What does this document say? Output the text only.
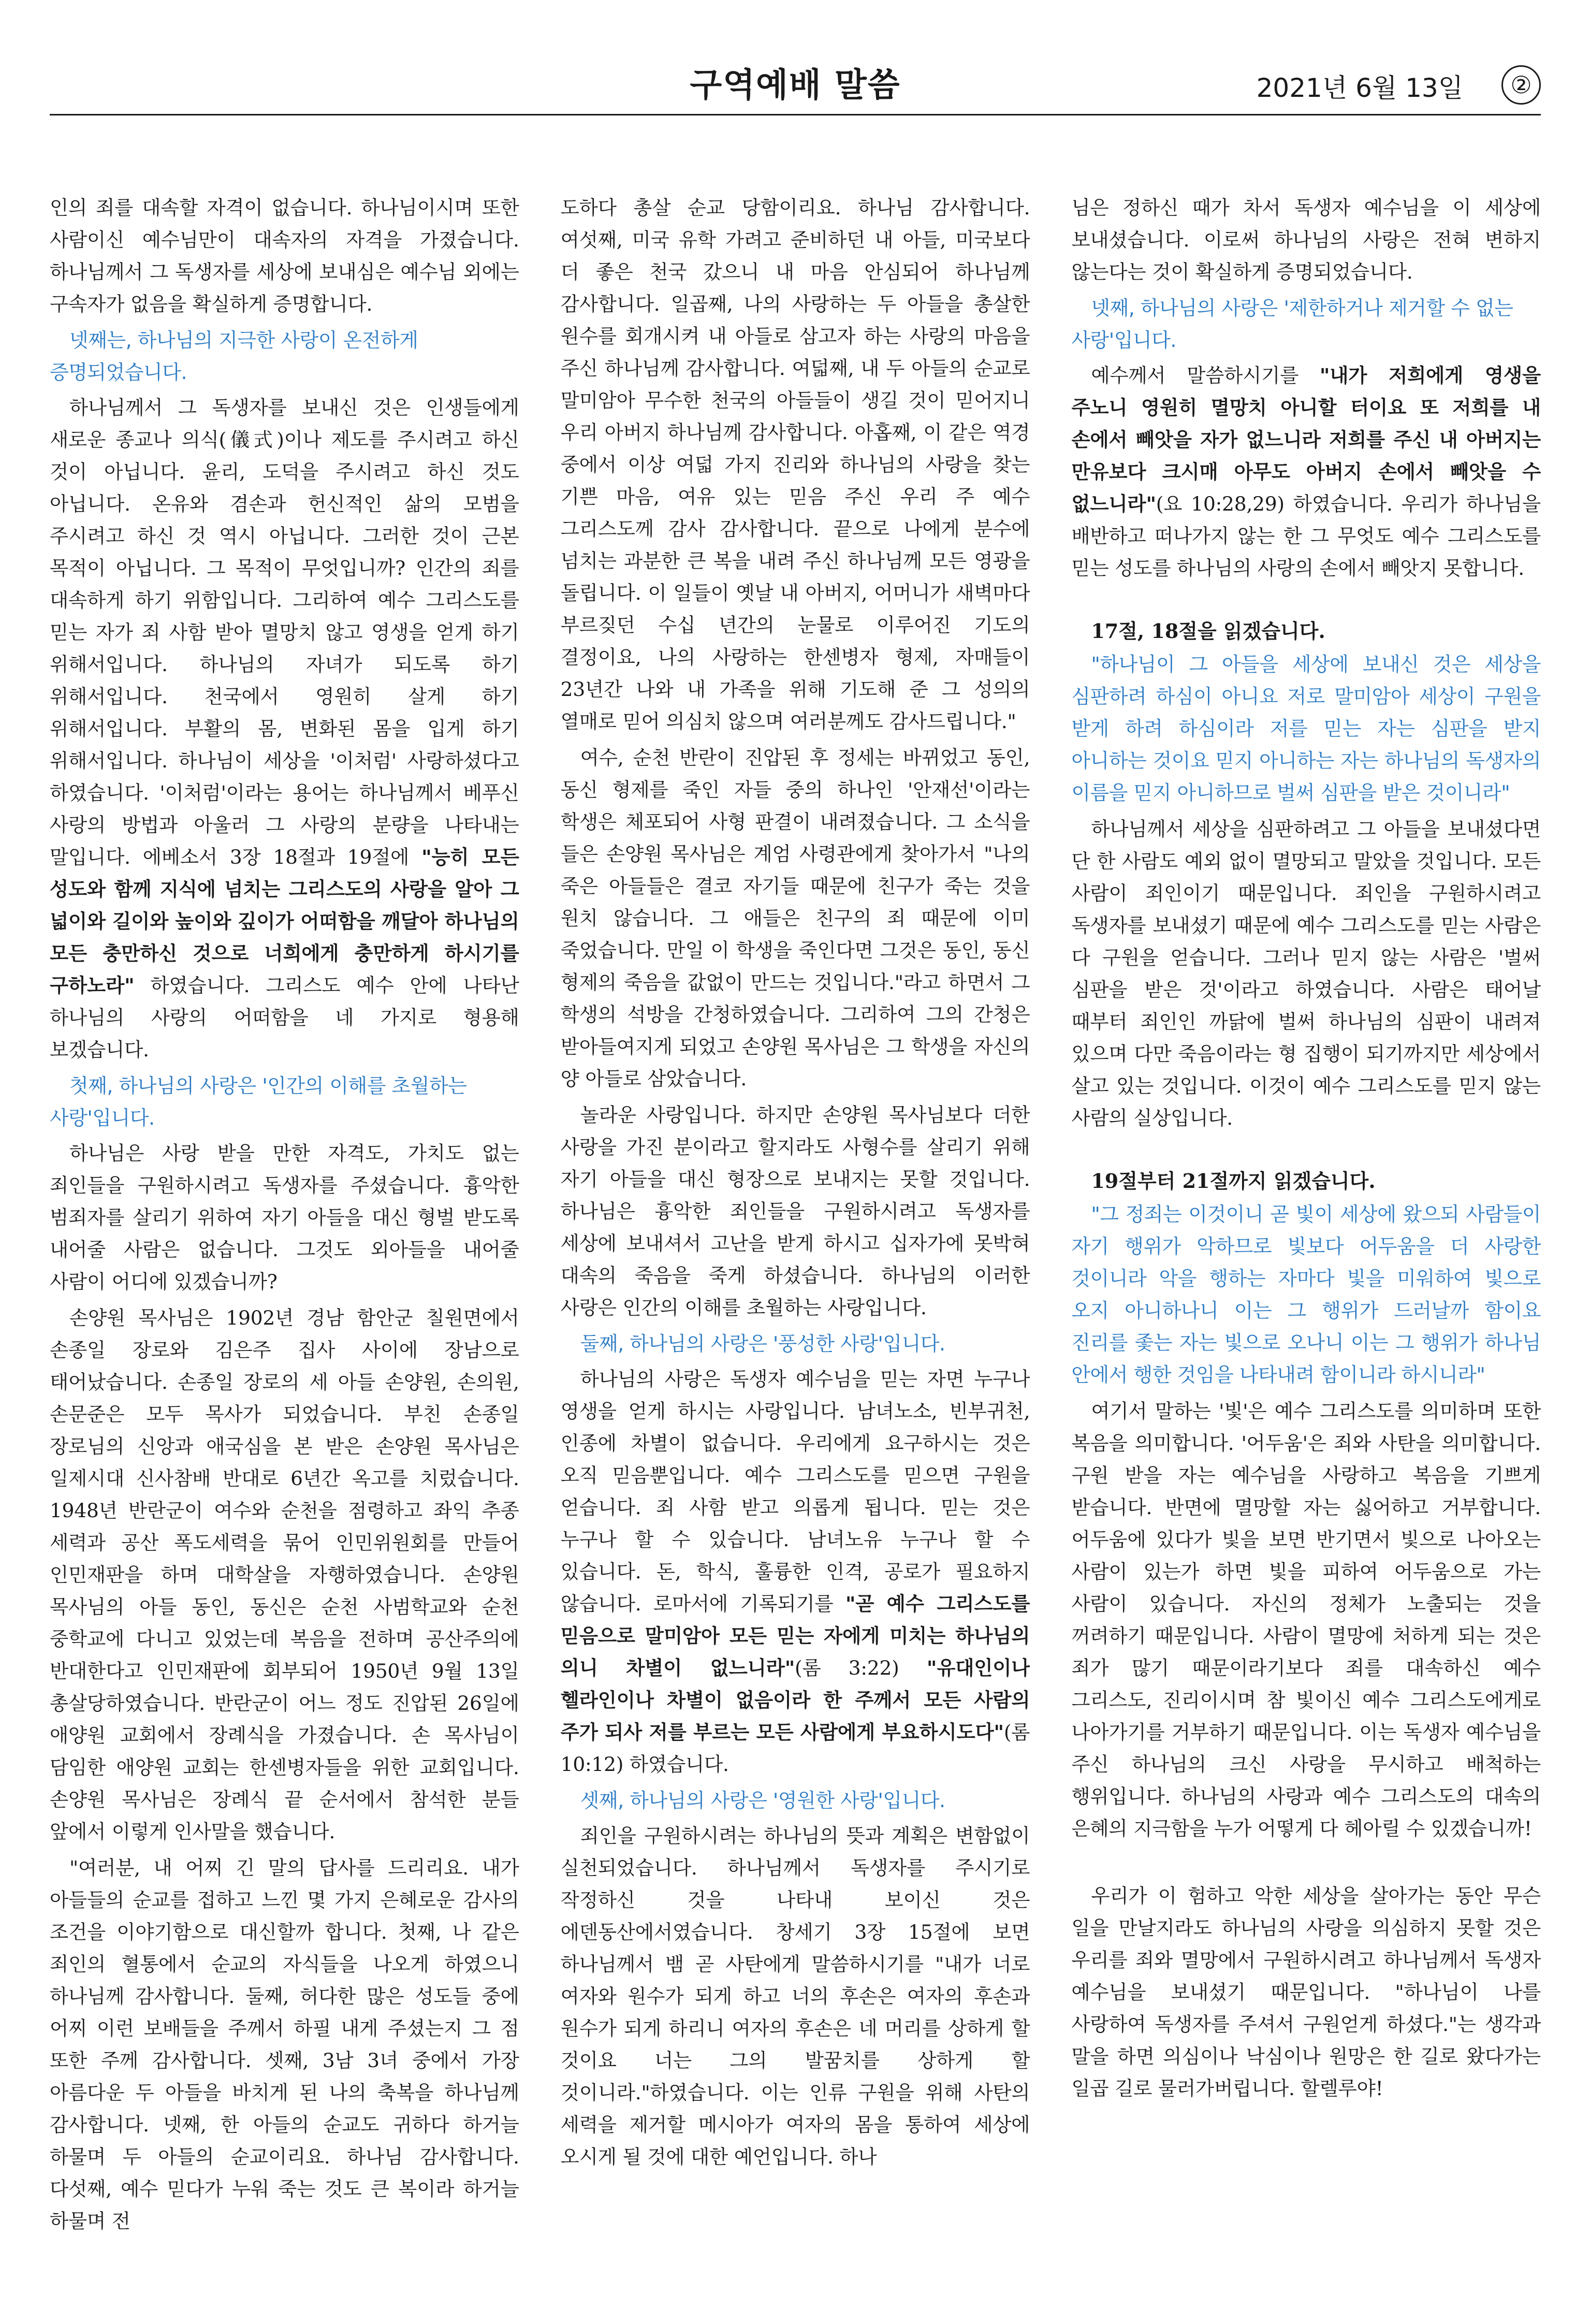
구역예배 말씀	2021년 6월 13일	②

인의 죄를 대속할 자격이 없습니다. 하나님이시며 또한 사람이신 예수님만이 대속자의 자격을 가졌습니다. 하나님께서 그 독생자를 세상에 보내심은 예수님 외에는 구속자가 없음을 확실하게 증명합니다.

넷째는, 하나님의 지극한 사랑이 온전하게 증명되었습니다.

하나님께서 그 독생자를 보내신 것은 인생들에게 새로운 종교나 의식(儀式)이나 제도를 주시려고 하신 것이 아닙니다. 윤리, 도덕을 주시려고 하신 것도 아닙니다. 온유와 겸손과 헌신적인 삶의 모범을 주시려고 하신 것 역시 아닙니다. 그러한 것이 근본 목적이 아닙니다. 그 목적이 무엇입니까? 인간의 죄를 대속하게 하기 위함입니다. 그리하여 예수 그리스도를 믿는 자가 죄 사함 받아 멸망치 않고 영생을 얻게 하기 위해서입니다. 하나님의 자녀가 되도록 하기 위해서입니다. 천국에서 영원히 살게 하기 위해서입니다. 부활의 몸, 변화된 몸을 입게 하기 위해서입니다. 하나님이 세상을 '이처럼' 사랑하셨다고 하였습니다. '이처럼'이라는 용어는 하나님께서 베푸신 사랑의 방법과 아울러 그 사랑의 분량을 나타내는 말입니다. 에베소서 3장 18절과 19절에 "능히 모든 성도와 함께 지식에 넘치는 그리스도의 사랑을 알아 그 넓이와 길이와 높이와 깊이가 어떠함을 깨달아 하나님의 모든 충만하신 것으로 너희에게 충만하게 하시기를 구하노라" 하였습니다. 그리스도 예수 안에 나타난 하나님의 사랑의 어떠함을 네 가지로 형용해 보겠습니다.

첫째, 하나님의 사랑은 '인간의 이해를 초월하는 사랑'입니다.

하나님은 사랑 받을 만한 자격도, 가치도 없는 죄인들을 구원하시려고 독생자를 주셨습니다. 흉악한 범죄자를 살리기 위하여 자기 아들을 대신 형벌 받도록 내어줄 사람은 없습니다. 그것도 외아들을 내어줄 사람이 어디에 있겠습니까?

손양원 목사님은 1902년 경남 함안군 칠원면에서 손종일 장로와 김은주 집사 사이에 장남으로 태어났습니다. 손종일 장로의 세 아들 손양원, 손의원, 손문준은 모두 목사가 되었습니다. 부친 손종일 장로님의 신앙과 애국심을 본 받은 손양원 목사님은 일제시대 신사참배 반대로 6년간 옥고를 치렀습니다. 1948년 반란군이 여수와 순천을 점령하고 좌익 추종 세력과 공산 폭도세력을 묶어 인민위원회를 만들어 인민재판을 하며 대학살을 자행하였습니다. 손양원 목사님의 아들 동인, 동신은 순천 사범학교와 순천 중학교에 다니고 있었는데 복음을 전하며 공산주의에 반대한다고 인민재판에 회부되어 1950년 9월 13일 총살당하였습니다. 반란군이 어느 정도 진압된 26일에 애양원 교회에서 장례식을 가졌습니다. 손 목사님이 담임한 애양원 교회는 한센병자들을 위한 교회입니다. 손양원 목사님은 장례식 끝 순서에서 참석한 분들 앞에서 이렇게 인사말을 했습니다.

"여러분, 내 어찌 긴 말의 답사를 드리리요. 내가 아들들의 순교를 접하고 느낀 몇 가지 은혜로운 감사의 조건을 이야기함으로 대신할까 합니다. 첫째, 나 같은 죄인의 혈통에서 순교의 자식들을 나오게 하였으니 하나님께 감사합니다. 둘째, 허다한 많은 성도들 중에 어찌 이런 보배들을 주께서 하필 내게 주셨는지 그 점 또한 주께 감사합니다. 셋째, 3남 3녀 중에서 가장 아름다운 두 아들을 바치게 된 나의 축복을 하나님께 감사합니다. 넷째, 한 아들의 순교도 귀하다 하거늘 하물며 두 아들의 순교이리요. 하나님 감사합니다. 다섯째, 예수 믿다가 누워 죽는 것도 큰 복이라 하거늘 하물며 전

도하다 총살 순교 당함이리요. 하나님 감사합니다. 여섯째, 미국 유학 가려고 준비하던 내 아들, 미국보다 더 좋은 천국 갔으니 내 마음 안심되어 하나님께 감사합니다. 일곱째, 나의 사랑하는 두 아들을 총살한 원수를 회개시켜 내 아들로 삼고자 하는 사랑의 마음을 주신 하나님께 감사합니다. 여덟째, 내 두 아들의 순교로 말미암아 무수한 천국의 아들들이 생길 것이 믿어지니 우리 아버지 하나님께 감사합니다. 아홉째, 이 같은 역경 중에서 이상 여덟 가지 진리와 하나님의 사랑을 찾는 기쁜 마음, 여유 있는 믿음 주신 우리 주 예수 그리스도께 감사 감사합니다. 끝으로 나에게 분수에 넘치는 과분한 큰 복을 내려 주신 하나님께 모든 영광을 돌립니다. 이 일들이 옛날 내 아버지, 어머니가 새벽마다 부르짖던 수십 년간의 눈물로 이루어진 기도의 결정이요, 나의 사랑하는 한센병자 형제, 자매들이 23년간 나와 내 가족을 위해 기도해 준 그 성의의 열매로 믿어 의심치 않으며 여러분께도 감사드립니다."

여수, 순천 반란이 진압된 후 정세는 바뀌었고 동인, 동신 형제를 죽인 자들 중의 하나인 '안재선'이라는 학생은 체포되어 사형 판결이 내려졌습니다. 그 소식을 들은 손양원 목사님은 계엄 사령관에게 찾아가서 "나의 죽은 아들들은 결코 자기들 때문에 친구가 죽는 것을 원치 않습니다. 그 애들은 친구의 죄 때문에 이미 죽었습니다. 만일 이 학생을 죽인다면 그것은 동인, 동신 형제의 죽음을 값없이 만드는 것입니다."라고 하면서 그 학생의 석방을 간청하였습니다. 그리하여 그의 간청은 받아들여지게 되었고 손양원 목사님은 그 학생을 자신의 양 아들로 삼았습니다.

놀라운 사랑입니다. 하지만 손양원 목사님보다 더한 사랑을 가진 분이라고 할지라도 사형수를 살리기 위해 자기 아들을 대신 형장으로 보내지는 못할 것입니다. 하나님은 흉악한 죄인들을 구원하시려고 독생자를 세상에 보내셔서 고난을 받게 하시고 십자가에 못박혀 대속의 죽음을 죽게 하셨습니다. 하나님의 이러한 사랑은 인간의 이해를 초월하는 사랑입니다.

둘째, 하나님의 사랑은 '풍성한 사랑'입니다.

하나님의 사랑은 독생자 예수님을 믿는 자면 누구나 영생을 얻게 하시는 사랑입니다. 남녀노소, 빈부귀천, 인종에 차별이 없습니다. 우리에게 요구하시는 것은 오직 믿음뿐입니다. 예수 그리스도를 믿으면 구원을 얻습니다. 죄 사함 받고 의롭게 됩니다. 믿는 것은 누구나 할 수 있습니다. 남녀노유 누구나 할 수 있습니다. 돈, 학식, 훌륭한 인격, 공로가 필요하지 않습니다. 로마서에 기록되기를 "곧 예수 그리스도를 믿음으로 말미암아 모든 믿는 자에게 미치는 하나님의 의니 차별이 없느니라"(롬 3:22) "유대인이나 헬라인이나 차별이 없음이라 한 주께서 모든 사람의 주가 되사 저를 부르는 모든 사람에게 부요하시도다"(롬 10:12) 하였습니다.

셋째, 하나님의 사랑은 '영원한 사랑'입니다.

죄인을 구원하시려는 하나님의 뜻과 계획은 변함없이 실천되었습니다. 하나님께서 독생자를 주시기로 작정하신 것을 나타내 보이신 것은 에덴동산에서였습니다. 창세기 3장 15절에 보면 하나님께서 뱀 곧 사탄에게 말씀하시기를 "내가 너로 여자와 원수가 되게 하고 너의 후손은 여자의 후손과 원수가 되게 하리니 여자의 후손은 네 머리를 상하게 할 것이요 너는 그의 발꿈치를 상하게 할 것이니라."하였습니다. 이는 인류 구원을 위해 사탄의 세력을 제거할 메시아가 여자의 몸을 통하여 세상에 오시게 될 것에 대한 예언입니다. 하나

님은 정하신 때가 차서 독생자 예수님을 이 세상에 보내셨습니다. 이로써 하나님의 사랑은 전혀 변하지 않는다는 것이 확실하게 증명되었습니다.

넷째, 하나님의 사랑은 '제한하거나 제거할 수 없는 사랑'입니다.

예수께서 말씀하시기를 "내가 저희에게 영생을 주노니 영원히 멸망치 아니할 터이요 또 저희를 내 손에서 빼앗을 자가 없느니라 저희를 주신 내 아버지는 만유보다 크시매 아무도 아버지 손에서 빼앗을 수 없느니라"(요 10:28,29) 하였습니다. 우리가 하나님을 배반하고 떠나가지 않는 한 그 무엇도 예수 그리스도를 믿는 성도를 하나님의 사랑의 손에서 빼앗지 못합니다.

17절, 18절을 읽겠습니다.

"하나님이 그 아들을 세상에 보내신 것은 세상을 심판하려 하심이 아니요 저로 말미암아 세상이 구원을 받게 하려 하심이라 저를 믿는 자는 심판을 받지 아니하는 것이요 믿지 아니하는 자는 하나님의 독생자의 이름을 믿지 아니하므로 벌써 심판을 받은 것이니라"

하나님께서 세상을 심판하려고 그 아들을 보내셨다면 단 한 사람도 예외 없이 멸망되고 말았을 것입니다. 모든 사람이 죄인이기 때문입니다. 죄인을 구원하시려고 독생자를 보내셨기 때문에 예수 그리스도를 믿는 사람은 다 구원을 얻습니다. 그러나 믿지 않는 사람은 '벌써 심판을 받은 것'이라고 하였습니다. 사람은 태어날 때부터 죄인인 까닭에 벌써 하나님의 심판이 내려져 있으며 다만 죽음이라는 형 집행이 되기까지만 세상에서 살고 있는 것입니다. 이것이 예수 그리스도를 믿지 않는 사람의 실상입니다.

19절부터 21절까지 읽겠습니다.

"그 정죄는 이것이니 곧 빛이 세상에 왔으되 사람들이 자기 행위가 악하므로 빛보다 어두움을 더 사랑한 것이니라 악을 행하는 자마다 빛을 미워하여 빛으로 오지 아니하나니 이는 그 행위가 드러날까 함이요 진리를 좇는 자는 빛으로 오나니 이는 그 행위가 하나님 안에서 행한 것임을 나타내려 함이니라 하시니라"

여기서 말하는 '빛'은 예수 그리스도를 의미하며 또한 복음을 의미합니다. '어두움'은 죄와 사탄을 의미합니다. 구원 받을 자는 예수님을 사랑하고 복음을 기쁘게 받습니다. 반면에 멸망할 자는 싫어하고 거부합니다. 어두움에 있다가 빛을 보면 반기면서 빛으로 나아오는 사람이 있는가 하면 빛을 피하여 어두움으로 가는 사람이 있습니다. 자신의 정체가 노출되는 것을 꺼려하기 때문입니다. 사람이 멸망에 처하게 되는 것은 죄가 많기 때문이라기보다 죄를 대속하신 예수 그리스도, 진리이시며 참 빛이신 예수 그리스도에게로 나아가기를 거부하기 때문입니다. 이는 독생자 예수님을 주신 하나님의 크신 사랑을 무시하고 배척하는 행위입니다. 하나님의 사랑과 예수 그리스도의 대속의 은혜의 지극함을 누가 어떻게 다 헤아릴 수 있겠습니까!

우리가 이 험하고 악한 세상을 살아가는 동안 무슨 일을 만날지라도 하나님의 사랑을 의심하지 못할 것은 우리를 죄와 멸망에서 구원하시려고 하나님께서 독생자 예수님을 보내셨기 때문입니다. "하나님이 나를 사랑하여 독생자를 주셔서 구원얻게 하셨다."는 생각과 말을 하면 의심이나 낙심이나 원망은 한 길로 왔다가는 일곱 길로 물러가버립니다. 할렐루야!
